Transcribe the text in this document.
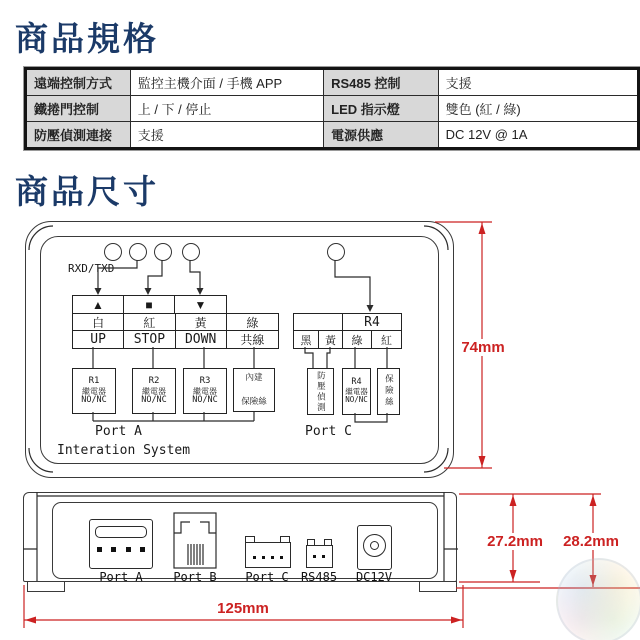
商品規格
商品尺寸
遠端控制方式	監控主機介面 / 手機 APP	RS485 控制	支援
鐵捲門控制	上 / 下 / 停止	LED 指示燈	雙色 (紅 / 綠)
防壓偵測連接	支援	電源供應	DC 12V @ 1A
RXD/TXD
▲	■	▼
白	紅	黃	綠
UP	STOP	DOWN	共線
R4
黑	黃	綠	紅
R1
繼電器
NO/NC
R2
繼電器
NO/NC
R3
繼電器
NO/NC
內建
保險絲	防壓偵測	R4
繼電器
NO/NC 保險絲
Port A	Port C
Interation System
Port A	Port B	Port C	RS485	DC12V
74mm
27.2mm 28.2mm
125mm
